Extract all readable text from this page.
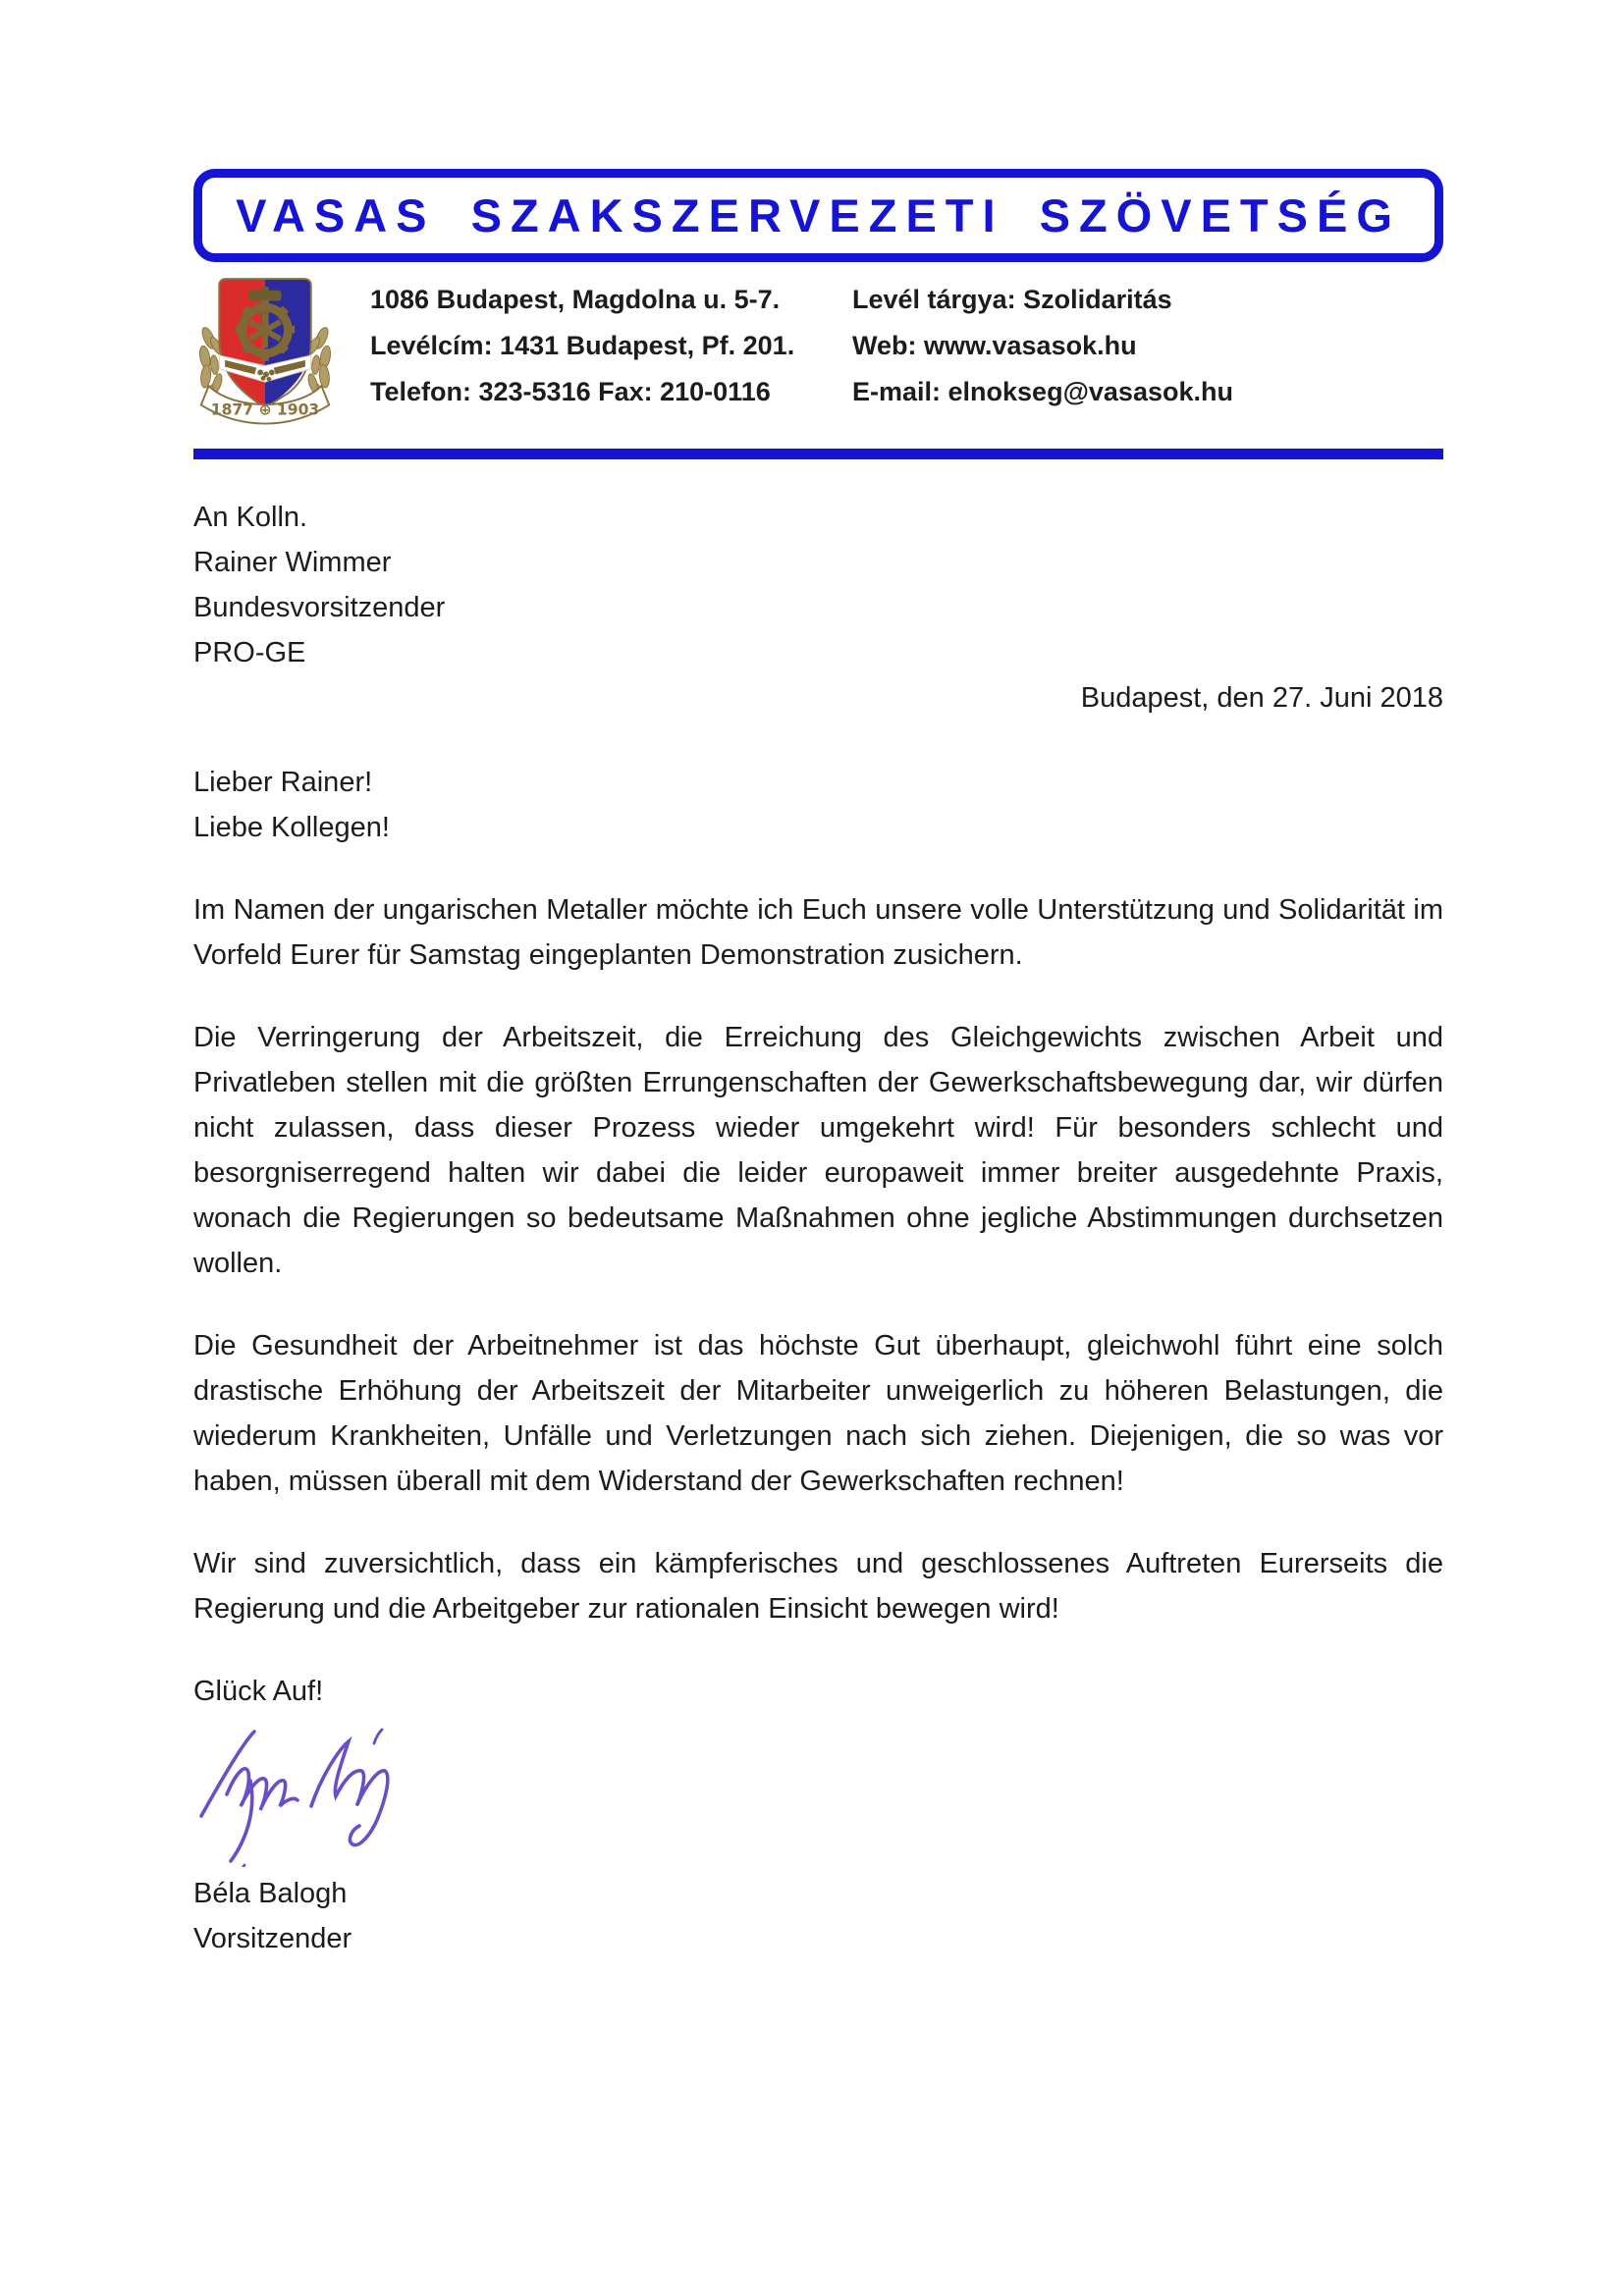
VASAS SZAKSZERVEZETI SZÖVETSÉG
1877 ⊕ 1903
1086 Budapest, Magdolna u. 5-7.
Levélcím: 1431 Budapest, Pf. 201.
Telefon: 323-5316 Fax: 210-0116
Levél tárgya: Szolidaritás
Web: www.vasasok.hu
E-mail: elnokseg@vasasok.hu
An Kolln.
Rainer Wimmer
Bundesvorsitzender
PRO-GE
Budapest, den 27. Juni 2018
Lieber Rainer!
Liebe Kollegen!

Im Namen der ungarischen Metaller möchte ich Euch unsere volle Unterstützung und Solidarität im Vorfeld Eurer für Samstag eingeplanten Demonstration zusichern.

Die Verringerung der Arbeitszeit, die Erreichung des Gleichgewichts zwischen Arbeit und Privatleben stellen mit die größten Errungenschaften der Gewerkschaftsbewegung dar, wir dürfen nicht zulassen, dass dieser Prozess wieder umgekehrt wird! Für besonders schlecht und besorgniserregend halten wir dabei die leider europaweit immer breiter ausgedehnte Praxis, wonach die Regierungen so bedeutsame Maßnahmen ohne jegliche Abstimmungen durchsetzen wollen.

Die Gesundheit der Arbeitnehmer ist das höchste Gut überhaupt, gleichwohl führt eine solch drastische Erhöhung der Arbeitszeit der Mitarbeiter unweigerlich zu höheren Belastungen, die wiederum Krankheiten, Unfälle und Verletzungen nach sich ziehen. Diejenigen, die so was vor haben, müssen überall mit dem Widerstand der Gewerkschaften rechnen!

Wir sind zuversichtlich, dass ein kämpferisches und geschlossenes Auftreten Eurerseits die Regierung und die Arbeitgeber zur rationalen Einsicht bewegen wird!

Glück Auf!
Béla Balogh
Vorsitzender
